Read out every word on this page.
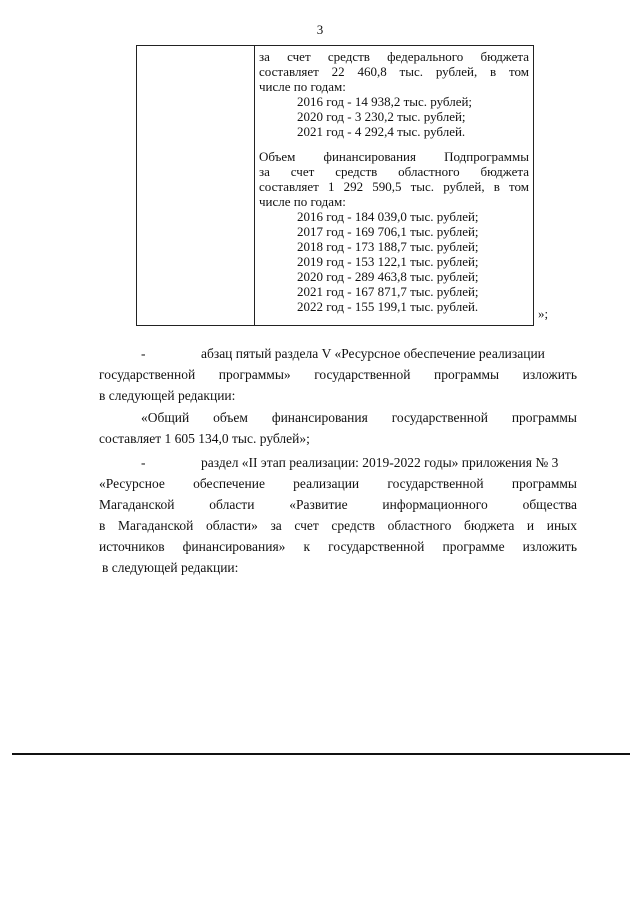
3
за счет средств федерального бюджета
составляет 22 460,8 тыс. рублей, в том
числе по годам:
2016 год - 14 938,2 тыс. рублей;
2020 год - 3 230,2 тыс. рублей;
2021 год - 4 292,4 тыс. рублей.
Объем финансирования Подпрограммы
за счет средств областного бюджета
составляет 1 292 590,5 тыс. рублей, в том
числе по годам:
2016 год - 184 039,0 тыс. рублей;
2017 год - 169 706,1 тыс. рублей;
2018 год - 173 188,7 тыс. рублей;
2019 год - 153 122,1 тыс. рублей;
2020 год - 289 463,8 тыс. рублей;
2021 год - 167 871,7 тыс. рублей;
2022 год - 155 199,1 тыс. рублей.	»;
-	абзац пятый раздела V «Ресурсное обеспечение реализации
государственной программы» государственной программы изложить
в следующей редакции:
«Общий объем финансирования государственной программы
составляет 1 605 134,0 тыс. рублей»;
-	раздел «II этап реализации: 2019-2022 годы» приложения № 3
«Ресурсное обеспечение реализации государственной программы
Магаданской области «Развитие информационного общества
в Магаданской области» за счет средств областного бюджета и иных
источников финансирования» к государственной программе изложить
в следующей редакции:
